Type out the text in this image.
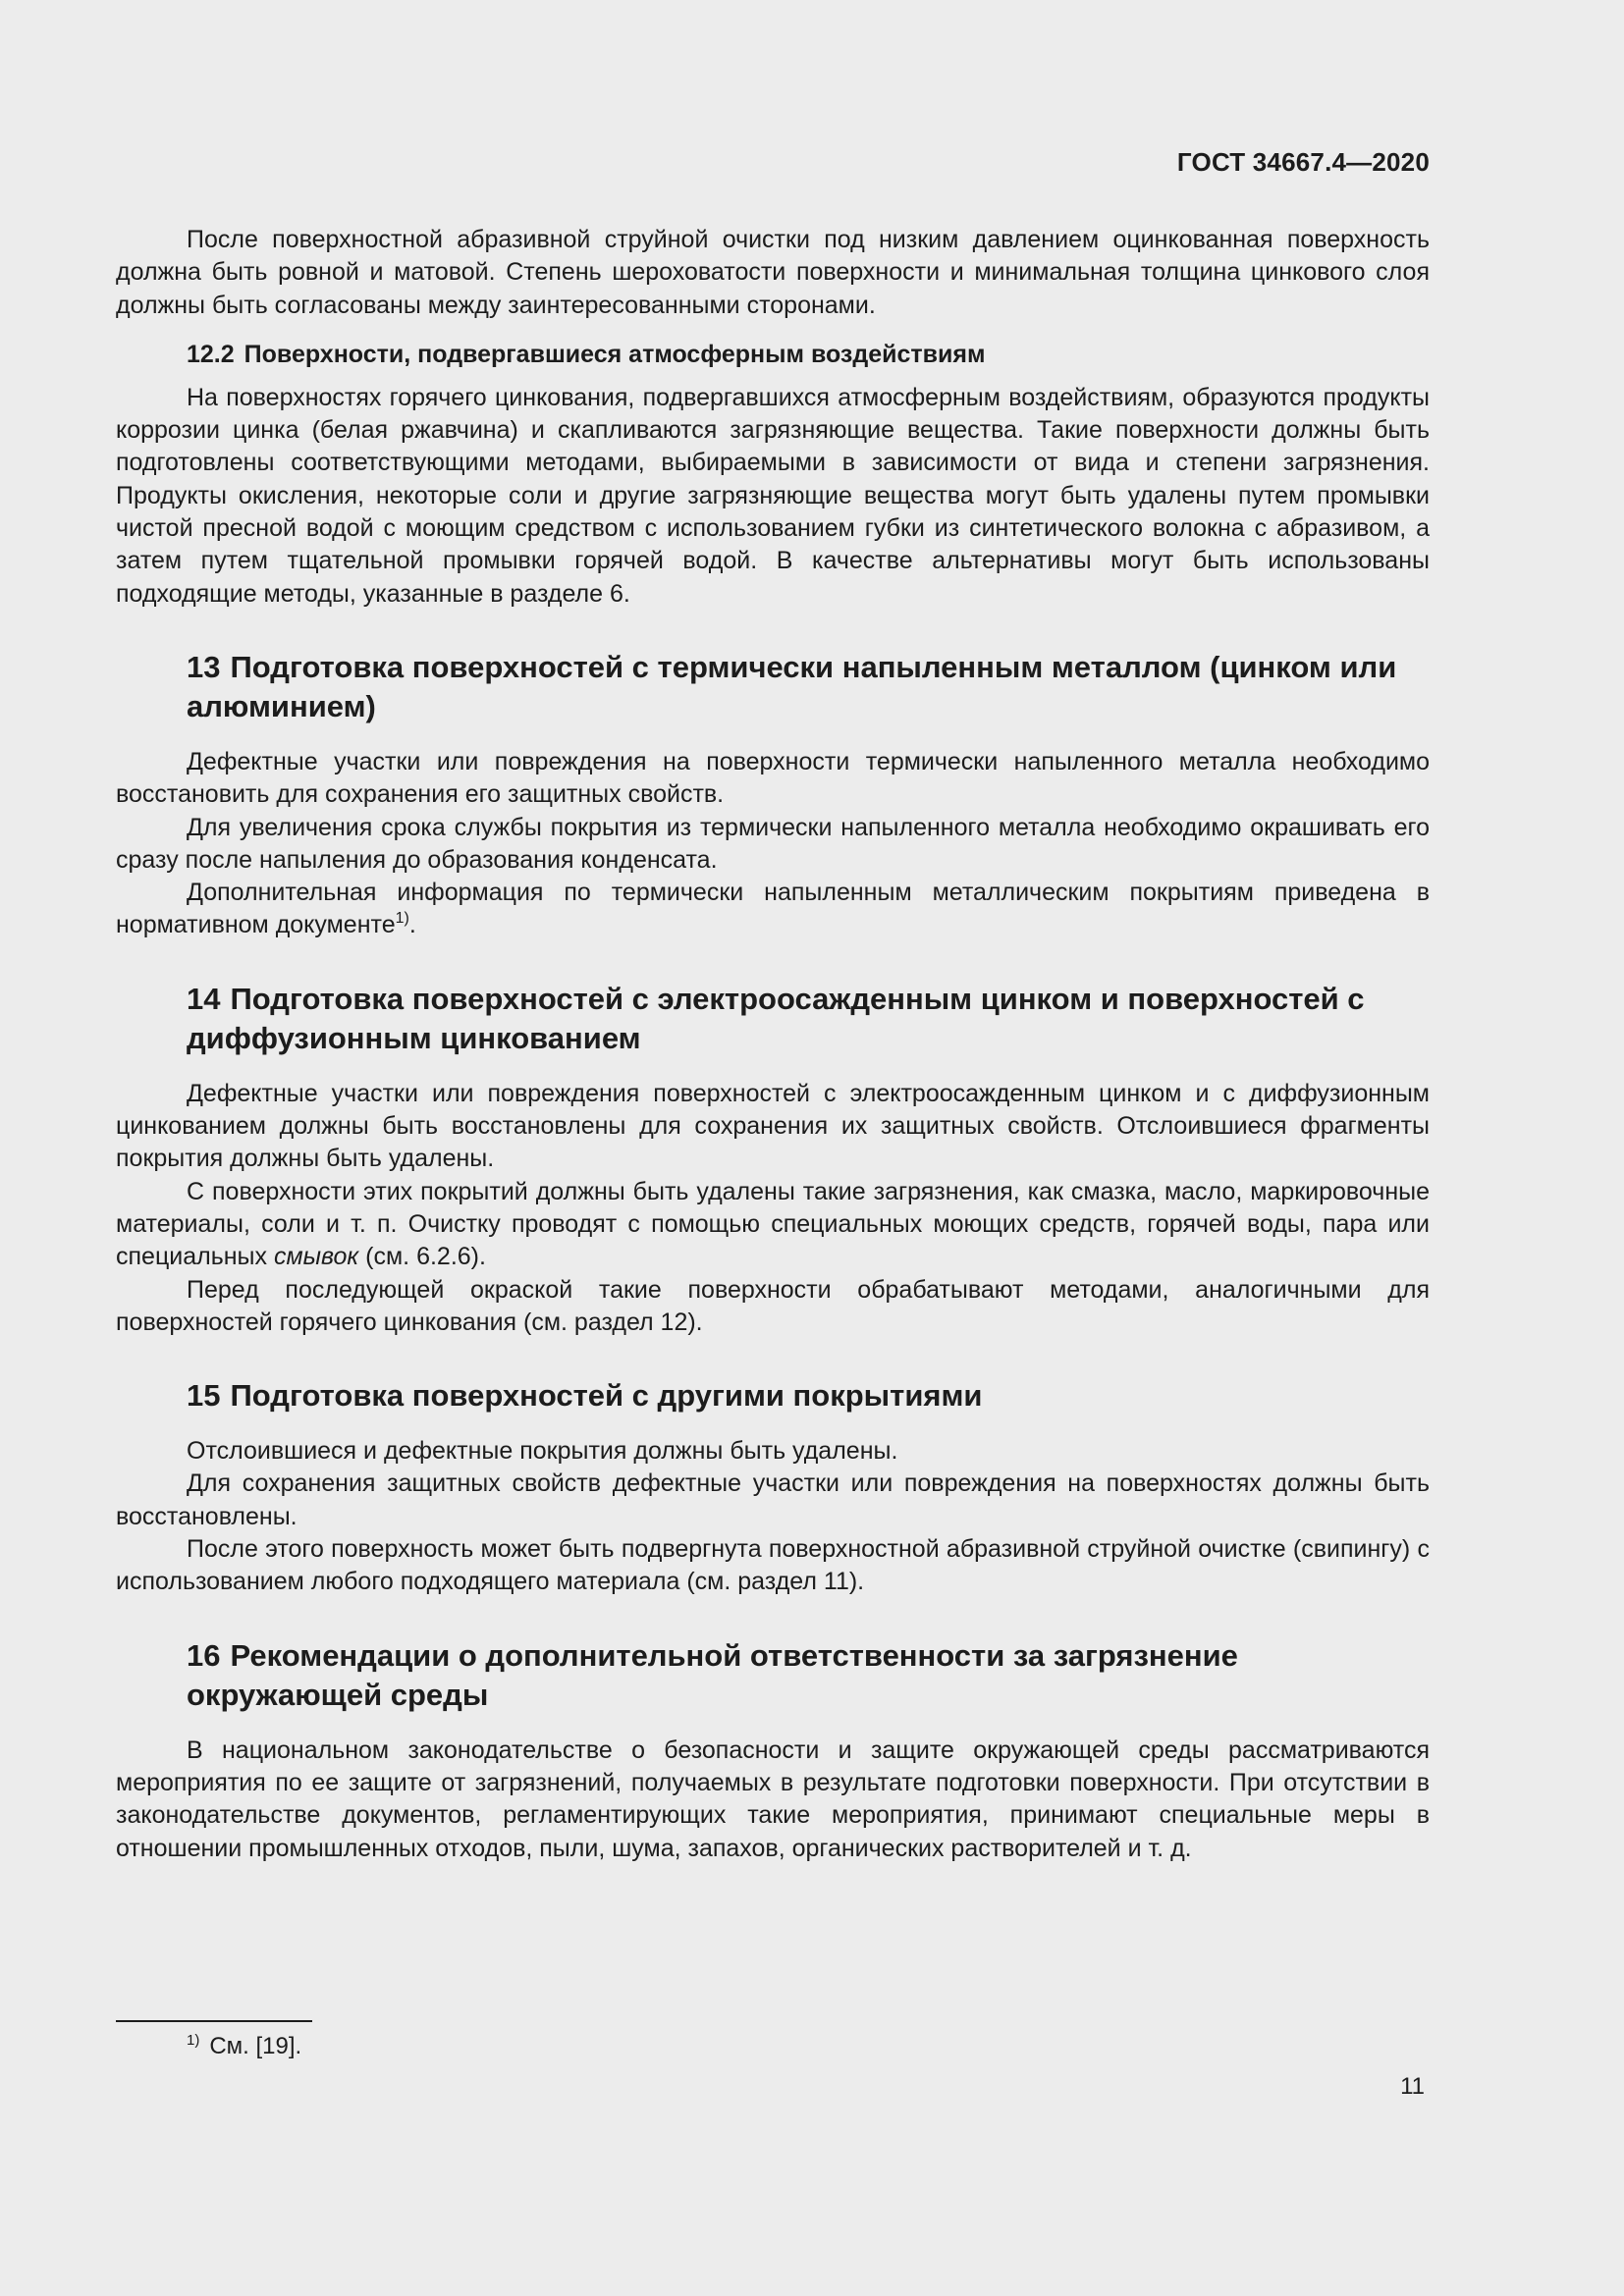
ГОСТ 34667.4—2020

После поверхностной абразивной струйной очистки под низким давлением оцинкованная поверхность должна быть ровной и матовой. Степень шероховатости поверхности и минимальная толщина цинкового слоя должны быть согласованы между заинтересованными сторонами.

12.2 Поверхности, подвергавшиеся атмосферным воздействиям

На поверхностях горячего цинкования, подвергавшихся атмосферным воздействиям, образуются продукты коррозии цинка (белая ржавчина) и скапливаются загрязняющие вещества. Такие поверхности должны быть подготовлены соответствующими методами, выбираемыми в зависимости от вида и степени загрязнения. Продукты окисления, некоторые соли и другие загрязняющие вещества могут быть удалены путем промывки чистой пресной водой с моющим средством с использованием губки из синтетического волокна с абразивом, а затем путем тщательной промывки горячей водой. В качестве альтернативы могут быть использованы подходящие методы, указанные в разделе 6.

13 Подготовка поверхностей с термически напыленным металлом (цинком или алюминием)

Дефектные участки или повреждения на поверхности термически напыленного металла необходимо восстановить для сохранения его защитных свойств.

Для увеличения срока службы покрытия из термически напыленного металла необходимо окрашивать его сразу после напыления до образования конденсата.

Дополнительная информация по термически напыленным металлическим покрытиям приведена в нормативном документе$^{1)}$.

14 Подготовка поверхностей с электроосажденным цинком и поверхностей с диффузионным цинкованием

Дефектные участки или повреждения поверхностей с электроосажденным цинком и с диффузионным цинкованием должны быть восстановлены для сохранения их защитных свойств. Отслоившиеся фрагменты покрытия должны быть удалены.

С поверхности этих покрытий должны быть удалены такие загрязнения, как смазка, масло, маркировочные материалы, соли и т. п. Очистку проводят с помощью специальных моющих средств, горячей воды, пара или специальных смывок (см. 6.2.6).

Перед последующей окраской такие поверхности обрабатывают методами, аналогичными для поверхностей горячего цинкования (см. раздел 12).

15 Подготовка поверхностей с другими покрытиями

Отслоившиеся и дефектные покрытия должны быть удалены.

Для сохранения защитных свойств дефектные участки или повреждения на поверхностях должны быть восстановлены.

После этого поверхность может быть подвергнута поверхностной абразивной струйной очистке (свипингу) с использованием любого подходящего материала (см. раздел 11).

16 Рекомендации о дополнительной ответственности за загрязнение окружающей среды

В национальном законодательстве о безопасности и защите окружающей среды рассматриваются мероприятия по ее защите от загрязнений, получаемых в результате подготовки поверхности. При отсутствии в законодательстве документов, регламентирующих такие мероприятия, принимают специальные меры в отношении промышленных отходов, пыли, шума, запахов, органических растворителей и т. д.

$^{1)}$ См. [19].
11
